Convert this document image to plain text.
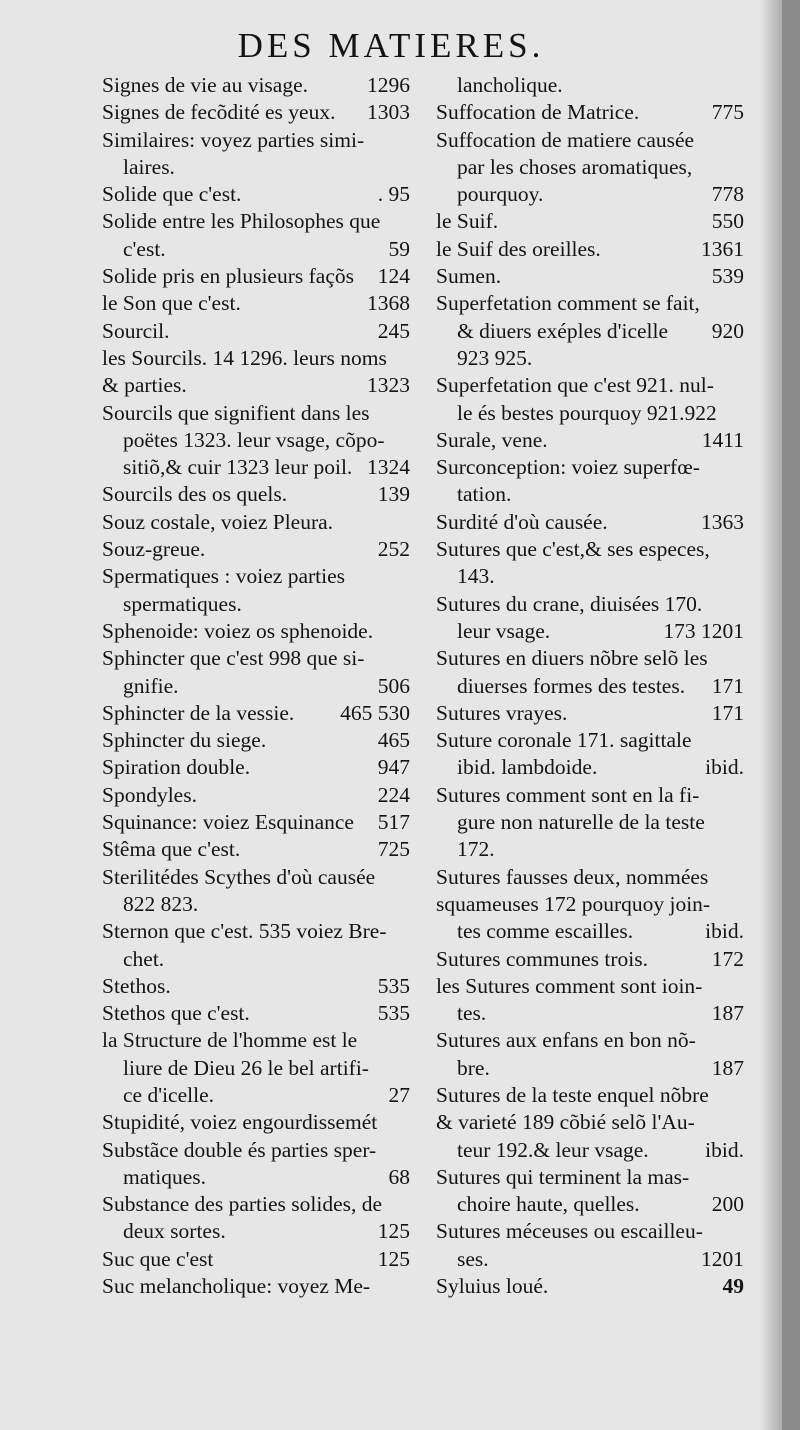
DES MATIERES.
Signes de vie au visage.	1296
Signes de fecõdité es yeux. 1303
Similaires: voyez parties simi-
laires.
Solide que c'est.	. 95
Solide entre les Philosophes que
c'est.	59
Solide pris en plusieurs façõs 124
le Son que c'est.	1368
Sourcil.	245
les Sourcils. 14 1296. leurs noms
& parties.	1323
Sourcils que signifient dans les
poëtes 1323. leur vsage, cõpo-
sitiõ,& cuir 1323 leur poil. 1324
Sourcils des os quels.	139
Souz costale, voiez Pleura.
Souz-greue.	252
Spermatiques : voiez parties
spermatiques.
Sphenoide: voiez os sphenoide.
Sphincter que c'est 998 que si-
gnifie.	506
Sphincter de la vessie. 465 530
Sphincter du siege.	465
Spiration double.	947
Spondyles.	224
Squinance: voiez Esquinance 517
Stêma que c'est.	725
Sterilitédes Scythes d'où causée
822 823.
Sternon que c'est. 535 voiez Bre-
chet.
Stethos.	535
Stethos que c'est.	535
la Structure de l'homme est le
liure de Dieu 26 le bel artifi-
ce d'icelle.	27
Stupidité, voiez engourdissemét
Substãce double és parties sper-
matiques.	68
Substance des parties solides, de
deux sortes.	125
Suc que c'est	125
Suc melancholique: voyez Me-
lancholique.
Suffocation de Matrice.	775
Suffocation de matiere causée
par les choses aromatiques,
pourquoy.	778
le Suif.	550
le Suif des oreilles.	1361
Sumen.	539
Superfetation comment se fait,
& diuers exéples d'icelle 920
923 925.
Superfetation que c'est 921. nul-
le és bestes pourquoy 921.922
Surale, vene.	1411
Surconception: voiez superfœ-
tation.
Surdité d'où causée.	1363
Sutures que c'est,& ses especes,
143.
Sutures du crane, diuisées 170.
leur vsage.	173 1201
Sutures en diuers nõbre selõ les
diuerses formes des testes. 171
Sutures vrayes.	171
Suture coronale 171. sagittale
ibid. lambdoide.	ibid.
Sutures comment sont en la fi-
gure non naturelle de la teste
172.
Sutures fausses deux, nommées
squameuses 172 pourquoy join-
tes comme escailles.	ibid.
Sutures communes trois.	172
les Sutures comment sont ioin-
tes.	187
Sutures aux enfans en bon nõ-
bre.	187
Sutures de la teste enquel nõbre
& varieté 189 cõbié selõ l'Au-
teur 192.& leur vsage.	ibid.
Sutures qui terminent la mas-
choire haute, quelles.	200
Sutures méceuses ou escailleu-
ses.	1201
Syluius loué.	49
